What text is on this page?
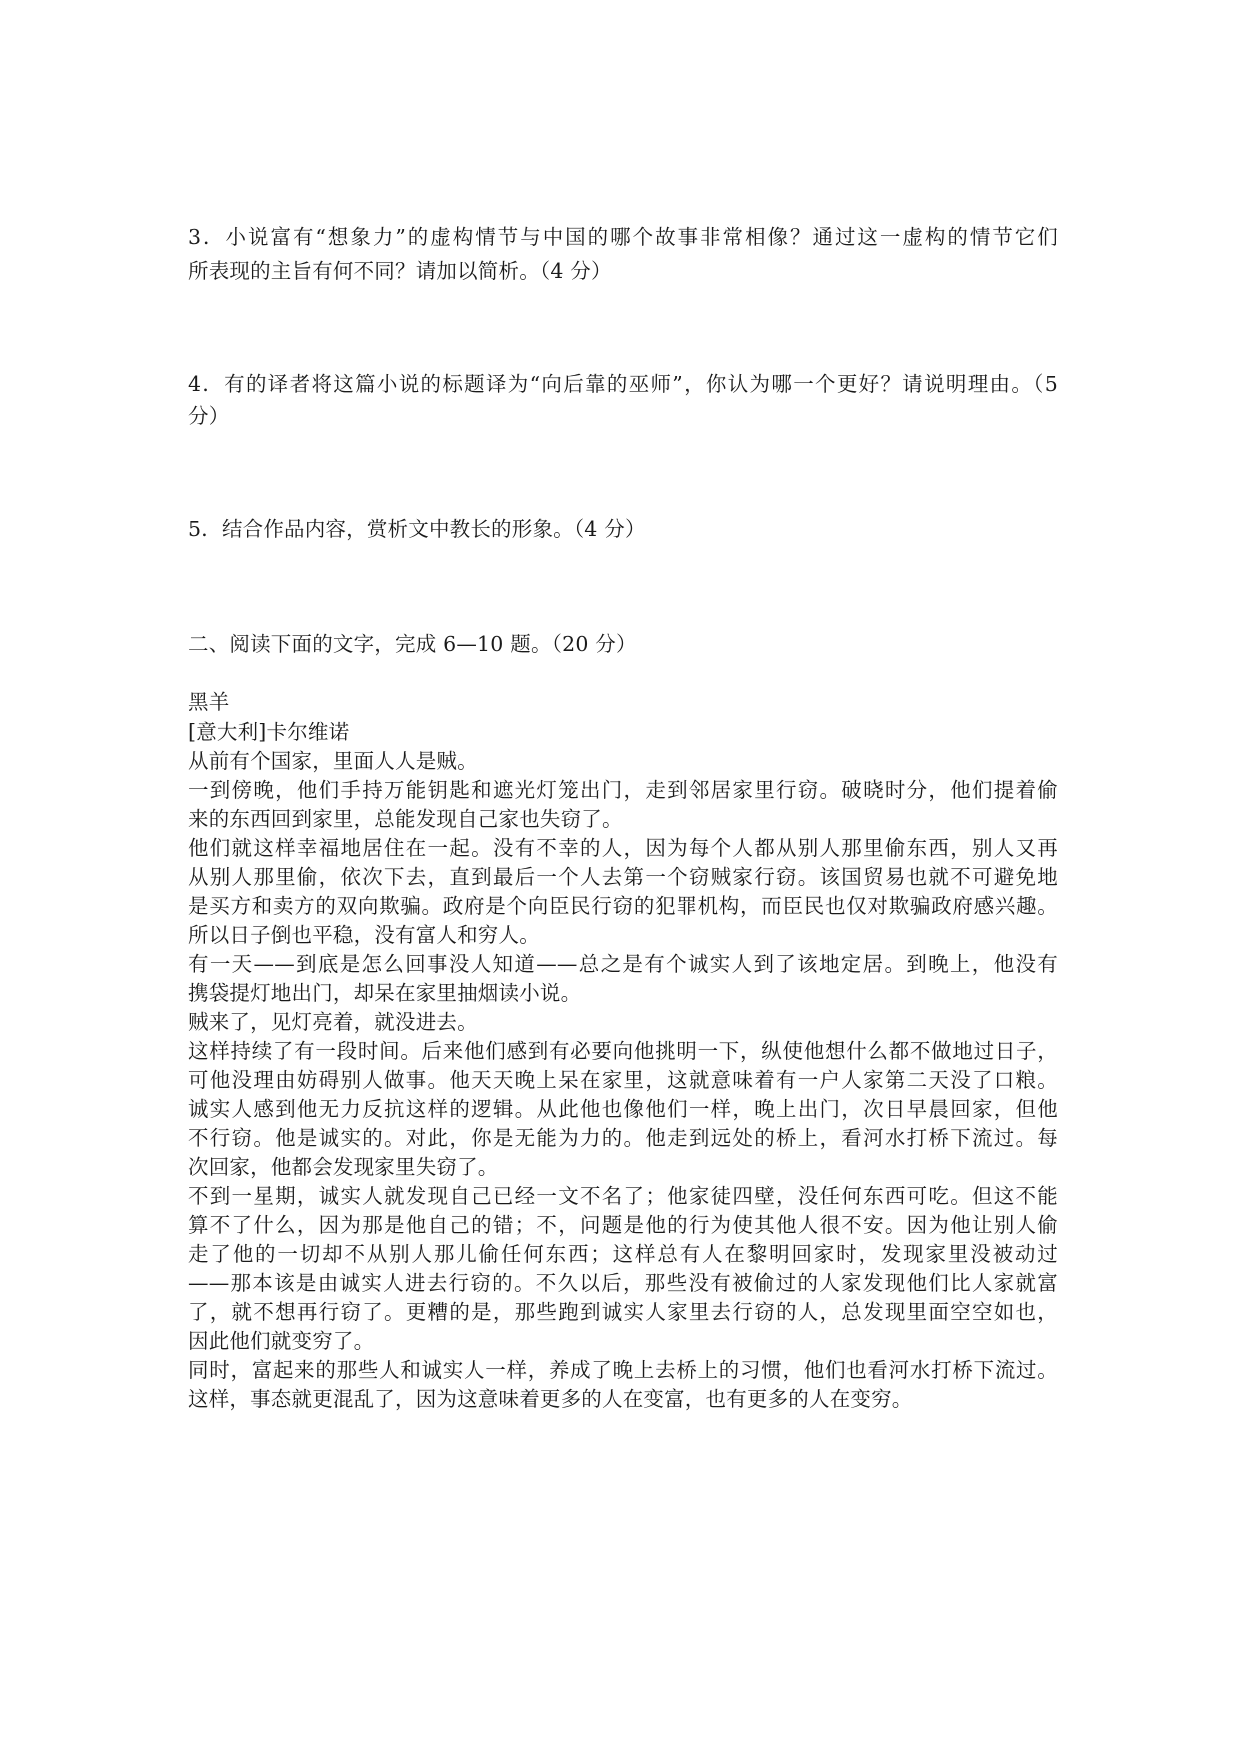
3．小说富有“想象力”的虚构情节与中国的哪个故事非常相像？通过这一虚构的情节它们
所表现的主旨有何不同？请加以简析。（4 分）
4．有的译者将这篇小说的标题译为“向后靠的巫师”，你认为哪一个更好？请说明理由。（5
分）
5．结合作品内容，赏析文中教长的形象。（4 分）
二、阅读下面的文字，完成 6—10 题。（20 分）
黑羊
[意大利]卡尔维诺
从前有个国家，里面人人是贼。
一到傍晚，他们手持万能钥匙和遮光灯笼出门，走到邻居家里行窃。破晓时分，他们提着偷
来的东西回到家里，总能发现自己家也失窃了。
他们就这样幸福地居住在一起。没有不幸的人，因为每个人都从别人那里偷东西，别人又再
从别人那里偷，依次下去，直到最后一个人去第一个窃贼家行窃。该国贸易也就不可避免地
是买方和卖方的双向欺骗。政府是个向臣民行窃的犯罪机构，而臣民也仅对欺骗政府感兴趣。
所以日子倒也平稳，没有富人和穷人。
有一天——到底是怎么回事没人知道——总之是有个诚实人到了该地定居。到晚上，他没有
携袋提灯地出门，却呆在家里抽烟读小说。
贼来了，见灯亮着，就没进去。
这样持续了有一段时间。后来他们感到有必要向他挑明一下，纵使他想什么都不做地过日子，
可他没理由妨碍别人做事。他天天晚上呆在家里，这就意味着有一户人家第二天没了口粮。
诚实人感到他无力反抗这样的逻辑。从此他也像他们一样，晚上出门，次日早晨回家，但他
不行窃。他是诚实的。对此，你是无能为力的。他走到远处的桥上，看河水打桥下流过。每
次回家，他都会发现家里失窃了。
不到一星期，诚实人就发现自己已经一文不名了；他家徒四壁，没任何东西可吃。但这不能
算不了什么，因为那是他自己的错；不，问题是他的行为使其他人很不安。因为他让别人偷
走了他的一切却不从别人那儿偷任何东西；这样总有人在黎明回家时，发现家里没被动过
——那本该是由诚实人进去行窃的。不久以后，那些没有被偷过的人家发现他们比人家就富
了，就不想再行窃了。更糟的是，那些跑到诚实人家里去行窃的人，总发现里面空空如也，
因此他们就变穷了。
同时，富起来的那些人和诚实人一样，养成了晚上去桥上的习惯，他们也看河水打桥下流过。
这样，事态就更混乱了，因为这意味着更多的人在变富，也有更多的人在变穷。
